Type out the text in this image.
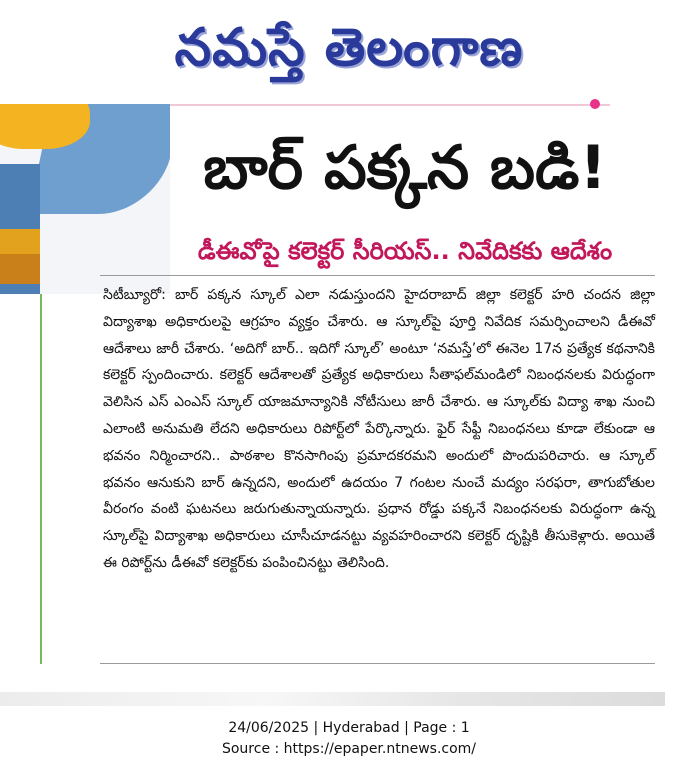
నమస్తే తెలంగాణ
బార్ పక్కన బడి!
డీఈవోపై కలెక్టర్ సీరియస్.. నివేదికకు ఆదేశం
సిటీబ్యూరో: బార్ పక్కన స్కూల్ ఎలా నడుస్తుందని హైదరాబాద్ జిల్లా కలెక్టర్ హరి చందన జిల్లా విద్యాశాఖ అధికారులపై ఆగ్రహం వ్యక్తం చేశారు. ఆ స్కూల్‌పై పూర్తి నివేదిక సమర్పించాలని డీఈవో ఆదేశాలు జారీ చేశారు. ‘అదిగో బార్.. ఇదిగో స్కూల్’ అంటూ ‘నమస్తే’లో ఈనెల 17న ప్రత్యేక కథనానికి కలెక్టర్ స్పందించారు. కలెక్టర్ ఆదేశాలతో ప్రత్యేక అధికారులు సీతాఫల్‌మండిలో నిబంధనలకు విరుద్ధంగా వెలిసిన ఎస్ ఎంఎస్ స్కూల్ యాజమాన్యానికి నోటీసులు జారీ చేశారు. ఆ స్కూల్‌కు విద్యా శాఖ నుంచి ఎలాంటి అనుమతి లేదని అధికారులు రిపోర్ట్‌లో పేర్కొన్నారు. ఫైర్ సేఫ్టీ నిబంధనలు కూడా లేకుండా ఆ భవనం నిర్మించారని.. పాఠశాల కొనసాగింపు ప్రమాదకరమని అందులో పొందుపరిచారు. ఆ స్కూల్ భవనం ఆనుకుని బార్ ఉన్నదని, అందులో ఉదయం 7 గంటల నుంచే మద్యం సరఫరా, తాగుబోతుల వీరంగం వంటి ఘటనలు జరుగుతున్నాయన్నారు. ప్రధాన రోడ్డు పక్కనే నిబంధనలకు విరుద్ధంగా ఉన్న స్కూల్‌పై విద్యాశాఖ అధికారులు చూసీచూడనట్టు వ్యవహరించారని కలెక్టర్ దృష్టికి తీసుకెళ్లారు. అయితే ఈ రిపోర్ట్‌ను డీఈవో కలెక్టర్‌కు పంపించినట్టు తెలిసింది.
24/06/2025 | Hyderabad | Page : 1
Source : https://epaper.ntnews.com/
